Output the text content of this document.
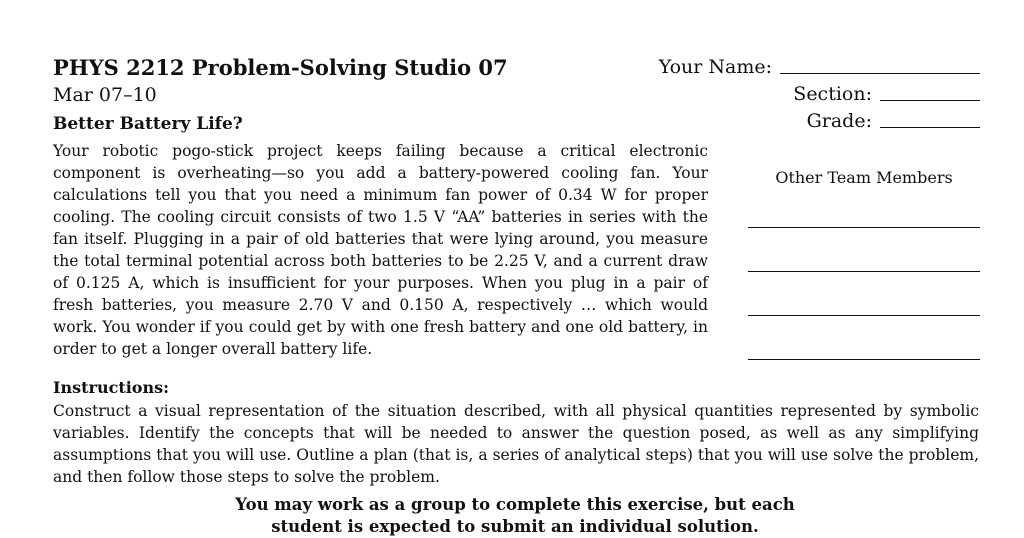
PHYS 2212 Problem-Solving Studio 07
Mar 07–10
Better Battery Life?
Your Name:
Section:
Grade:
Other Team Members

Your robotic pogo-stick project keeps failing because a critical electronic component is overheating—so you add a battery-powered cooling fan. Your calculations tell you that you need a minimum fan power of 0.34 W for proper cooling. The cooling circuit consists of two 1.5 V “AA” batteries in series with the fan itself. Plugging in a pair of old batteries that were lying around, you measure the total terminal potential across both batteries to be 2.25 V, and a current draw of 0.125 A, which is insufficient for your purposes. When you plug in a pair of fresh batteries, you measure 2.70 V and 0.150 A, respectively … which would work. You wonder if you could get by with one fresh battery and one old battery, in order to get a longer overall battery life.

Instructions:

Construct a visual representation of the situation described, with all physical quantities represented by symbolic variables. Identify the concepts that will be needed to answer the question posed, as well as any simplifying assumptions that you will use. Outline a plan (that is, a series of analytical steps) that you will use solve the problem, and then follow those steps to solve the problem.

You may work as a group to complete this exercise, but each student is expected to submit an individual solution.
